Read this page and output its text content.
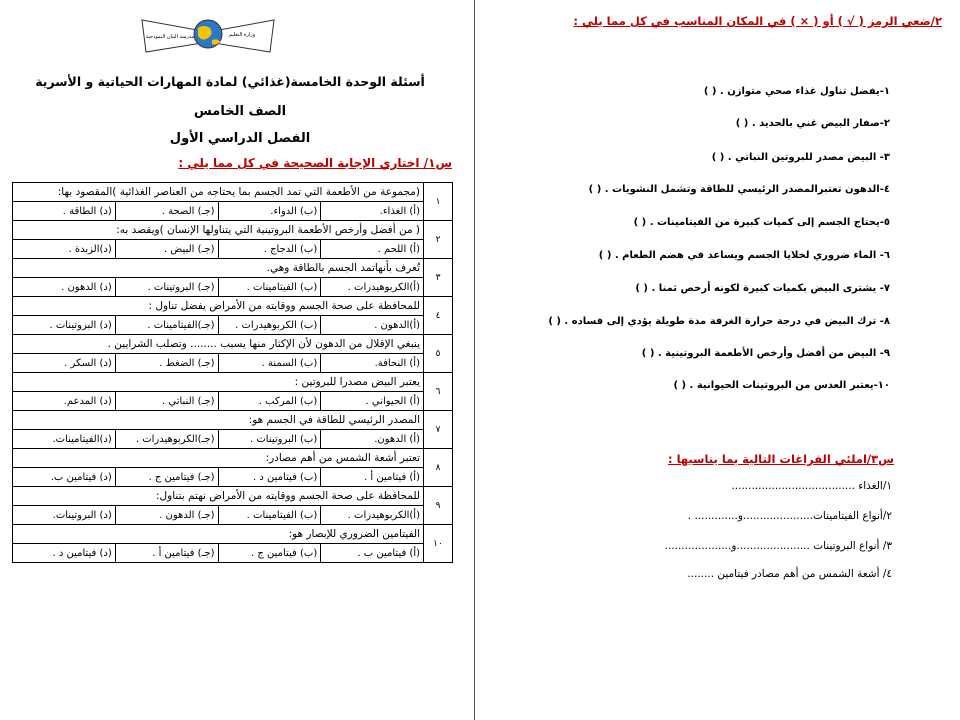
وزارة التعليم
مدرسة البيان النموذجية
أسئلة الوحدة الخامسة(غذائي) لمادة المهارات الحياتية و الأسرية
الصف الخامس
الفصل الدراسي الأول
س١/ اختاري الإجابة الصحيحة في كل مما يلي :
١	(مجموعة من الأطعمة التي تمد الجسم بما يحتاجه من العناصر الغذائية )المقصود بها:			
	(أ) الغذاء.	(ب) الدواء.	(جـ) الصحة .	(د) الطاقة .
٢	( من أفضل وأرخص الأطعمة البروتينية التي يتناولها الإنسان )ويقصد به:			
	(أ) اللحم .	(ب) الدجاج .	(جـ) البيض .	(د)الزبدة .
٣	تُعرف بأنهاتمد الجسم بالطاقة وهي.			
	(أ)الكربوهيدرات .	(ب) الفيتامينات .	(جـ) البروتينات .	(د) الدهون .
٤	للمحافظة على صحة الجسم ووقايته من الأمراض يفضل تناول :			
	(أ)الدهون .	(ب) الكربوهيدرات .	(جـ)الفيتامينات .	(د) البروتينات .
٥	ينبغي الإقلال من الدهون لأن الإكثار منها يسبب ........ وتصلب الشرايين .			
	(أ) النحافة.	(ب) السمنة .	(جـ) الضغط .	(د) السكر .
٦	يعتبر البيض مصدرا للبروتين :			
	(أ) الحيواني .	(ب) المركب .	(جـ) النباتي .	(د) المدعم.
٧	المصدر الرئيسي للطاقة في الجسم هو:			
	(أ) الدهون.	(ب) البروتينات .	(جـ)الكربوهيدرات .	(د)الفيتامينات.
٨	تعتبر أشعة الشمس من أهم مصادر:			
	(أ) فيتامين أ .	(ب) فيتامين د .	(جـ) فيتامين ج .	(د) فيتامين ب.
٩	للمحافظة على صحة الجسم ووقايته من الأمراض نهتم بتناول:			
	(أ)الكربوهيدرات .	(ب) الفيتامينات .	(جـ) الدهون .	(د) البروتينات.
١٠	الفيتامين الضروري للإبصار هو:			
	(أ) فيتامين ب .	(ب) فيتامين ج .	(جـ) فيتامين أ .	(د) فيتامين د .
٢/ضعي الرمز ( √ ) أو ( × ) في المكان المناسب في كل مما يلي :
١-يفضل تناول غذاء صحي متوازن . ( )
٢-صفار البيض غني بالحديد . ( )
٣- البيض مصدر للبروتين النباتي . ( )
٤-الدهون تعتبرالمصدر الرئيسي للطاقة وتشمل النشويات . ( )
٥-يحتاج الجسم إلى كميات كبيرة من الفيتامينات . ( )
٦- الماء ضروري لخلايا الجسم ويساعد في هضم الطعام . ( )
٧- يشترى البيض بكميات كبيرة لكونه أرخص ثمنا . ( )
٨- ترك البيض في درجة حرارة الغرفة مدة طويلة يؤدي إلى فساده . ( )
٩- البيض من أفضل وأرخص الأطعمة البروتينية . ( )
١٠-يعتبر العدس من البروتينات الحيوانية . ( )
س٣/املئي الفراغات التالية بما يناسبها :
١/الغذاء .....................................
٢/أنواع الفيتامينات.....................و............. .
٣/ أنواع البروتينات ......................و....................
٤/ أشعة الشمس من أهم مصادر فيتامين ........
